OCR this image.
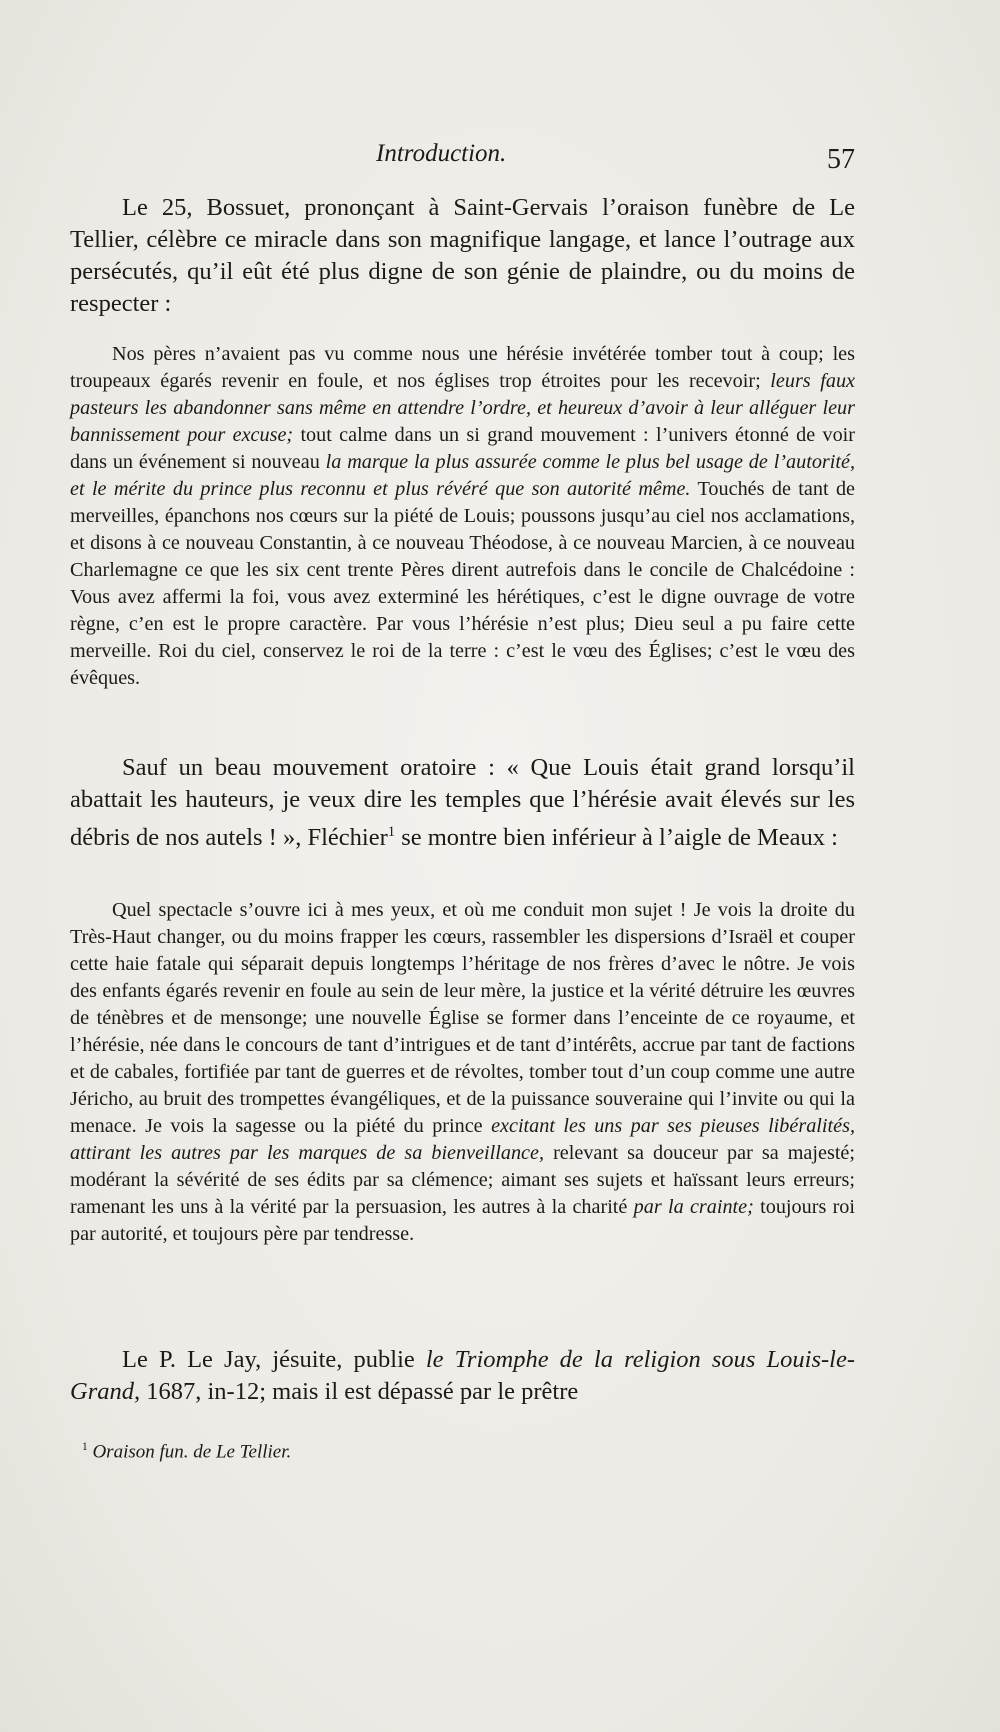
Introduction.	57

Le 25, Bossuet, prononçant à Saint-Gervais l’oraison funèbre de Le Tellier, célèbre ce miracle dans son magnifique langage, et lance l’outrage aux persécutés, qu’il eût été plus digne de son génie de plaindre, ou du moins de respecter :

Nos pères n’avaient pas vu comme nous une hérésie invétérée tomber tout à coup; les troupeaux égarés revenir en foule, et nos églises trop étroites pour les recevoir; leurs faux pasteurs les abandonner sans même en attendre l’ordre, et heureux d’avoir à leur alléguer leur bannissement pour excuse; tout calme dans un si grand mouvement : l’univers étonné de voir dans un événement si nouveau la marque la plus assurée comme le plus bel usage de l’autorité, et le mérite du prince plus reconnu et plus révéré que son autorité même. Touchés de tant de merveilles, épanchons nos cœurs sur la piété de Louis; poussons jusqu’au ciel nos acclamations, et disons à ce nouveau Constantin, à ce nouveau Théodose, à ce nouveau Marcien, à ce nouveau Charlemagne ce que les six cent trente Pères dirent autrefois dans le concile de Chalcédoine : Vous avez affermi la foi, vous avez exterminé les hérétiques, c’est le digne ouvrage de votre règne, c’en est le propre caractère. Par vous l’hérésie n’est plus; Dieu seul a pu faire cette merveille. Roi du ciel, conservez le roi de la terre : c’est le vœu des Églises; c’est le vœu des évêques.

Sauf un beau mouvement oratoire : « Que Louis était grand lorsqu’il abattait les hauteurs, je veux dire les temples que l’hérésie avait élevés sur les débris de nos autels ! », Fléchier$^1$ se montre bien inférieur à l’aigle de Meaux :

Quel spectacle s’ouvre ici à mes yeux, et où me conduit mon sujet ! Je vois la droite du Très-Haut changer, ou du moins frapper les cœurs, rassembler les dispersions d’Israël et couper cette haie fatale qui séparait depuis longtemps l’héritage de nos frères d’avec le nôtre. Je vois des enfants égarés revenir en foule au sein de leur mère, la justice et la vérité détruire les œuvres de ténèbres et de mensonge; une nouvelle Église se former dans l’enceinte de ce royaume, et l’hérésie, née dans le concours de tant d’intrigues et de tant d’intérêts, accrue par tant de factions et de cabales, fortifiée par tant de guerres et de révoltes, tomber tout d’un coup comme une autre Jéricho, au bruit des trompettes évangéliques, et de la puissance souveraine qui l’invite ou qui la menace. Je vois la sagesse ou la piété du prince excitant les uns par ses pieuses libéralités, attirant les autres par les marques de sa bienveillance, relevant sa douceur par sa majesté; modérant la sévérité de ses édits par sa clémence; aimant ses sujets et haïssant leurs erreurs; ramenant les uns à la vérité par la persuasion, les autres à la charité par la crainte; toujours roi par autorité, et toujours père par tendresse.

Le P. Le Jay, jésuite, publie le Triomphe de la religion sous Louis-le-Grand, 1687, in-12; mais il est dépassé par le prêtre

$^1$ Oraison fun. de Le Tellier.
